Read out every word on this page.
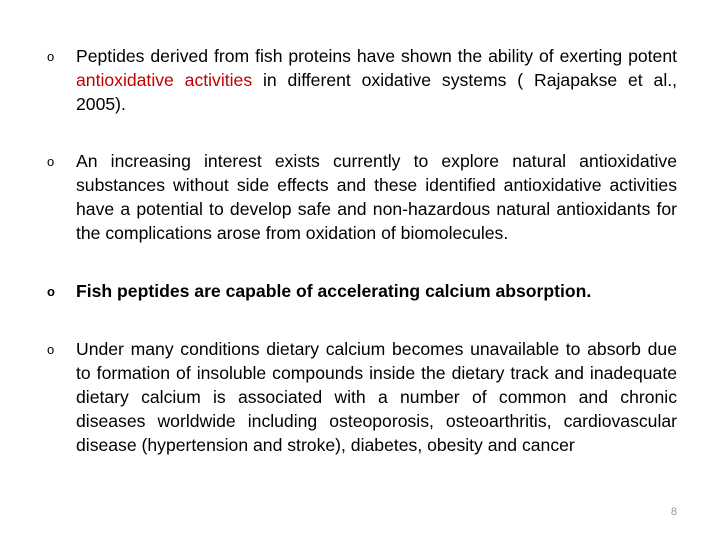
o Peptides derived from fish proteins have shown the ability of exerting potent antioxidative activities in different oxidative systems ( Rajapakse et al., 2005).
o An increasing interest exists currently to explore natural antioxidative substances without side effects and these identified antioxidative activities have a potential to develop safe and non-hazardous natural antioxidants for the complications arose from oxidation of biomolecules.
o Fish peptides are capable of accelerating calcium absorption.
o Under many conditions dietary calcium becomes unavailable to absorb due to formation of insoluble compounds inside the dietary track and inadequate dietary calcium is associated with a number of common and chronic diseases worldwide including osteoporosis, osteoarthritis, cardiovascular disease (hypertension and stroke), diabetes, obesity and cancer
8
